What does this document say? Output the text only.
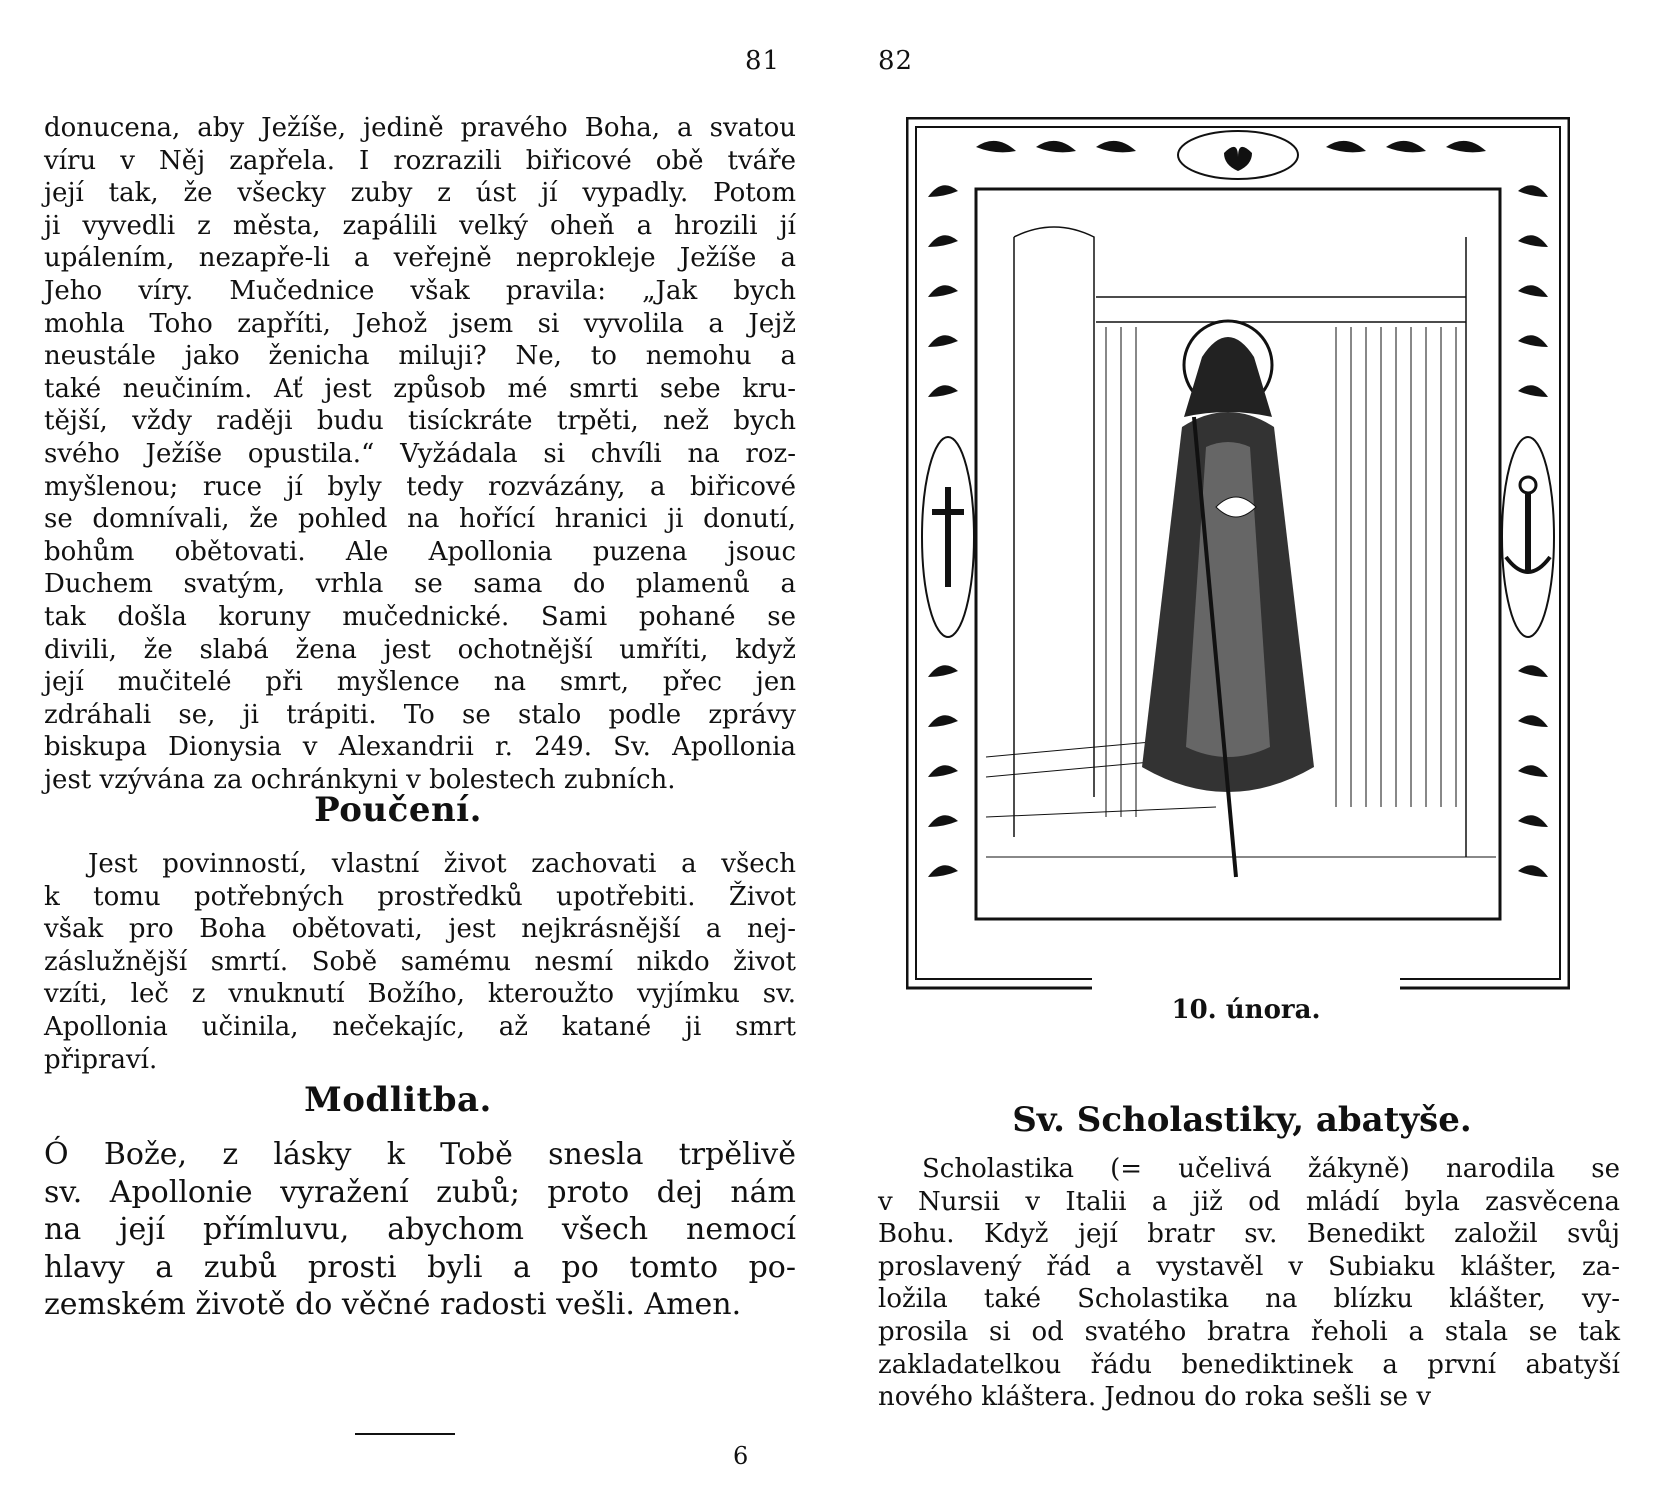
81
donucena, aby Ježíše, jedině pravého Boha, a svatou
víru v Něj zapřela. I rozrazili biřicové obě tváře
její tak, že všecky zuby z úst jí vypadly. Potom
ji vyvedli z města, zapálili velký oheň a hrozili jí
upálením, nezapře-li a veřejně neprokleje Ježíše a
Jeho víry. Mučednice však pravila: „Jak bych
mohla Toho zapříti, Jehož jsem si vyvolila a Jejž
neustále jako ženicha miluji? Ne, to nemohu a
také neučiním. Ať jest způsob mé smrti sebe kru-
tější, vždy raději budu tisíckráte trpěti, než bych
svého Ježíše opustila.“ Vyžádala si chvíli na roz-
myšlenou; ruce jí byly tedy rozvázány, a biřicové
se domnívali, že pohled na hořící hranici ji donutí,
bohům obětovati. Ale Apollonia puzena jsouc
Duchem svatým, vrhla se sama do plamenů a
tak došla koruny mučednické. Sami pohané se
divili, že slabá žena jest ochotnější umříti, když
její mučitelé při myšlence na smrt, přec jen
zdráhali se, ji trápiti. To se stalo podle zprávy
biskupa Dionysia v Alexandrii r. 249. Sv. Apollonia
jest vzývána za ochránkyni v bolestech zubních.
Poučení.
Jest povinností, vlastní život zachovati a všech
k tomu potřebných prostředků upotřebiti. Život
však pro Boha obětovati, jest nejkrásnější a nej-
záslužnější smrtí. Sobě samému nesmí nikdo život
vzíti, leč z vnuknutí Božího, kteroužto vyjímku sv.
Apollonia učinila, nečekajíc, až katané ji smrt
připraví.
Modlitba.
Ó Bože, z lásky k Tobě snesla trpělivě
sv. Apollonie vyražení zubů; proto dej nám
na její přímluvu, abychom všech nemocí
hlavy a zubů prosti byli a po tomto po-
zemském životě do věčné radosti vešli. Amen.
6
82
10. února.
Sv. Scholastiky, abatyše.
Scholastika (= učelivá žákyně) narodila se
v Nursii v Italii a již od mládí byla zasvěcena
Bohu. Když její bratr sv. Benedikt založil svůj
proslavený řád a vystavěl v Subiaku klášter, za-
ložila také Scholastika na blízku klášter, vy-
prosila si od svatého bratra řeholi a stala se tak
zakladatelkou řádu benediktinek a první abatyší
nového kláštera. Jednou do roka sešli se v
